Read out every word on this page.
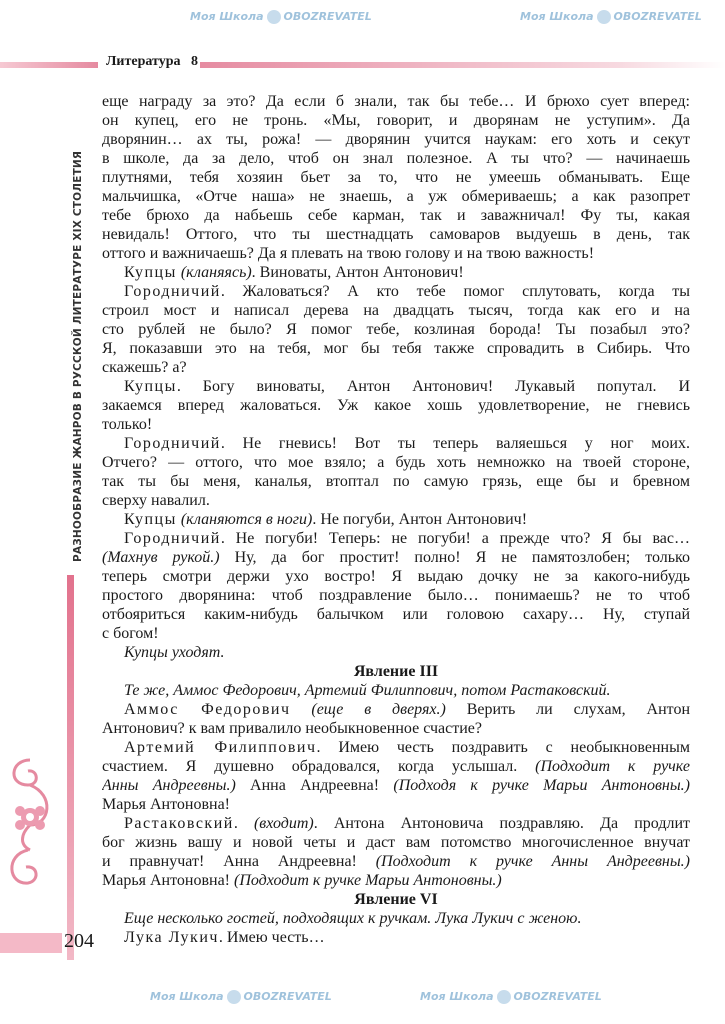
Литература   8
РАЗНООБРАЗИЕ ЖАНРОВ В РУССКОЙ ЛИТЕРАТУРЕ XIX СТОЛЕТИЯ
204
Моя Школа OBOZREVATEL	Моя Школа OBOZREVATEL
Моя Школа OBOZREVATEL	Моя Школа OBOZREVATEL
еще награду за это? Да если б знали, так бы тебе… И брюхо сует вперед:
он купец, его не тронь. «Мы, говорит, и дворянам не уступим». Да
дворянин… ах ты, рожа! — дворянин учится наукам: его хоть и секут
в школе, да за дело, чтоб он знал полезное. А ты что? — начинаешь
плутнями, тебя хозяин бьет за то, что не умеешь обманывать. Еще
мальчишка, «Отче наша» не знаешь, а уж обмериваешь; а как разопрет
тебе брюхо да набьешь себе карман, так и заважничал! Фу ты, какая
невидаль! Оттого, что ты шестнадцать самоваров выдуешь в день, так
оттого и важничаешь? Да я плевать на твою голову и на твою важность!
Купцы (кланяясь). Виноваты, Антон Антонович!
Городничий. Жаловаться? А кто тебе помог сплутовать, когда ты
строил мост и написал дерева на двадцать тысяч, тогда как его и на
сто рублей не было? Я помог тебе, козлиная борода! Ты позабыл это?
Я, показавши это на тебя, мог бы тебя также спровадить в Сибирь. Что
скажешь? а?
Купцы. Богу виноваты, Антон Антонович! Лукавый попутал. И
закаемся вперед жаловаться. Уж какое хошь удовлетворение, не гневись
только!
Городничий. Не гневись! Вот ты теперь валяешься у ног моих.
Отчего? — оттого, что мое взяло; а будь хоть немножко на твоей стороне,
так ты бы меня, каналья, втоптал по самую грязь, еще бы и бревном
сверху навалил.
Купцы (кланяются в ноги). Не погуби, Антон Антонович!
Городничий. Не погуби! Теперь: не погуби! а прежде что? Я бы вас…
(Махнув рукой.) Ну, да бог простит! полно! Я не памятозлобен; только
теперь смотри держи ухо востро! Я выдаю дочку не за какого-нибудь
простого дворянина: чтоб поздравление было… понимаешь? не то чтоб
отбояриться каким-нибудь балычком или головою сахару… Ну, ступай
с богом!
Купцы уходят.
Явление III
Те же, Аммос Федорович, Артемий Филиппович, потом Растаковский.
Аммос Федорович (еще в дверях.) Верить ли слухам, Антон
Антонович? к вам привалило необыкновенное счастие?
Артемий Филиппович. Имею честь поздравить с необыкновенным
счастием. Я душевно обрадовался, когда услышал. (Подходит к ручке
Анны Андреевны.) Анна Андреевна! (Подходя к ручке Марьи Антоновны.)
Марья Антоновна!
Растаковский. (входит). Антона Антоновича поздравляю. Да продлит
бог жизнь вашу и новой четы и даст вам потомство многочисленное внучат
и правнучат! Анна Андреевна! (Подходит к ручке Анны Андреевны.)
Марья Антоновна! (Подходит к ручке Марьи Антоновны.)
Явление VI
Еще несколько гостей, подходящих к ручкам. Лука Лукич с женою.
Лука Лукич. Имею честь…
